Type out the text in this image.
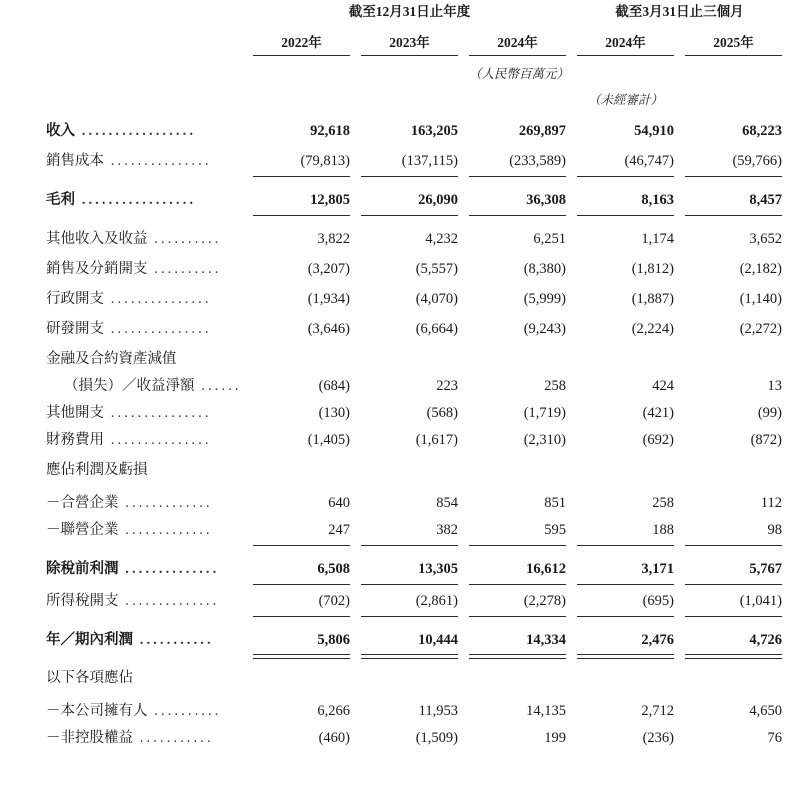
	截至12月31日止年度						截至3月31日止三個月			

	2022年		2023年		2024年		2024年		2025年	

					（人民幣百萬元）					
							（未經審計）			
收入 .................	92,618		163,205		269,897		54,910		68,223	
銷售成本 ...............	(79,813)		(137,115)		(233,589)		(46,747)		(59,766)	

毛利 .................	12,805		26,090		36,308		8,163		8,457	

其他收入及收益 ..........	3,822		4,232		6,251		1,174		3,652	
銷售及分銷開支 ..........	(3,207)		(5,557)		(8,380)		(1,812)		(2,182)	
行政開支 ...............	(1,934)		(4,070)		(5,999)		(1,887)		(1,140)	
研發開支 ...............	(3,646)		(6,664)		(9,243)		(2,224)		(2,272)	
金融及合約資產減值										
（損失）／收益淨額 ......	(684)		223		258		424		13	
其他開支 ...............	(130)		(568)		(1,719)		(421)		(99)	
財務費用 ...............	(1,405)		(1,617)		(2,310)		(692)		(872)	
應佔利潤及虧損										

－合營企業 .............	640		854		851		258		112	
－聯營企業 .............	247		382		595		188		98	

除稅前利潤 ..............	6,508		13,305		16,612		3,171		5,767	

所得稅開支 ..............	(702)		(2,861)		(2,278)		(695)		(1,041)	

年／期內利潤 ...........	5,806		10,444		14,334		2,476		4,726	

以下各項應佔										

－本公司擁有人 ..........	6,266		11,953		14,135		2,712		4,650	
－非控股權益 ...........	(460)		(1,509)		199		(236)		76	
